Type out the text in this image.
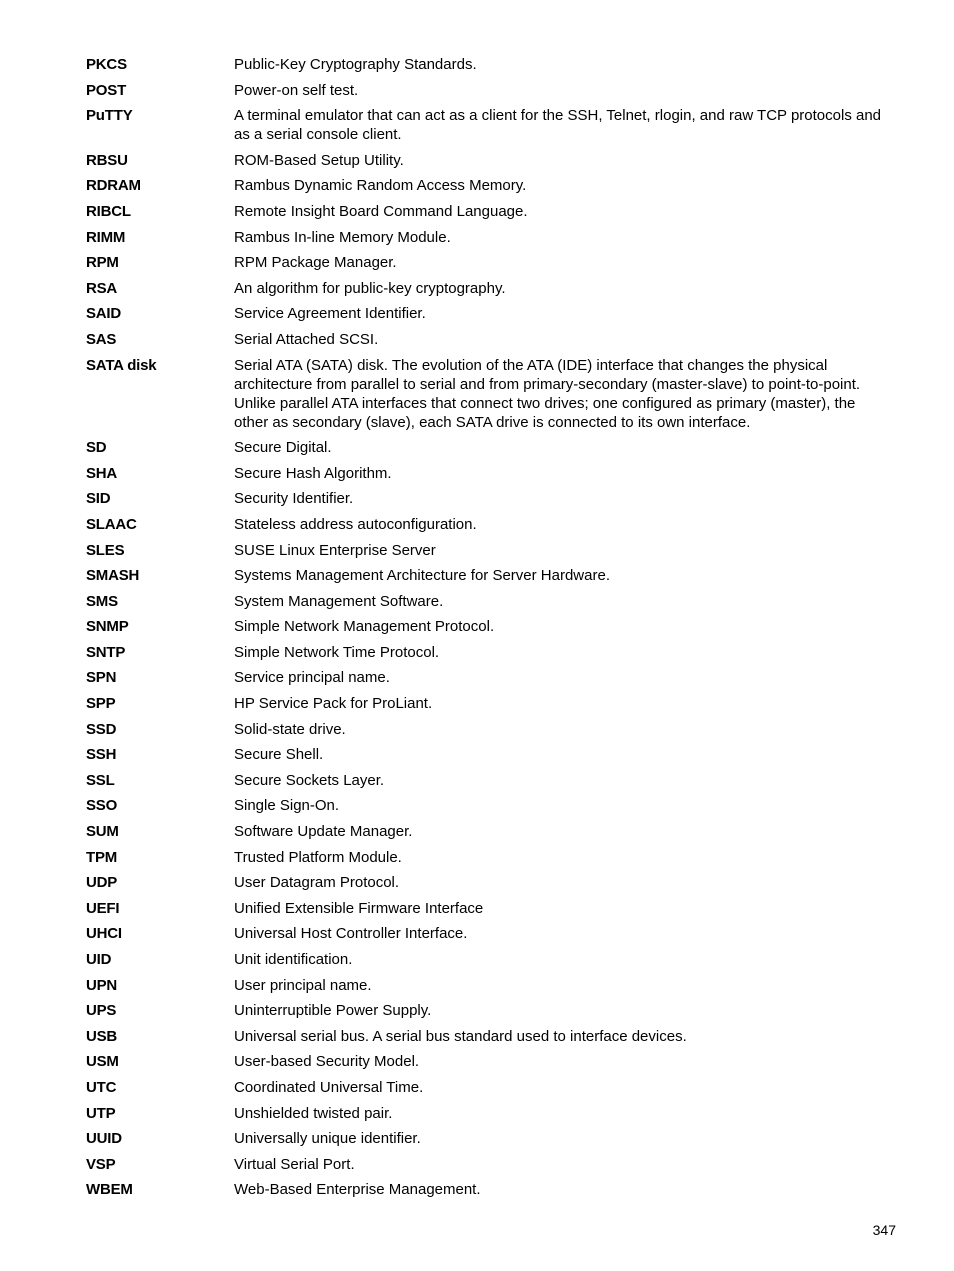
PKCS	Public-Key Cryptography Standards.
POST	Power-on self test.
PuTTY	A terminal emulator that can act as a client for the SSH, Telnet, rlogin, and raw TCP protocols and as a serial console client.
RBSU	ROM-Based Setup Utility.
RDRAM	Rambus Dynamic Random Access Memory.
RIBCL	Remote Insight Board Command Language.
RIMM	Rambus In-line Memory Module.
RPM	RPM Package Manager.
RSA	An algorithm for public-key cryptography.
SAID	Service Agreement Identifier.
SAS	Serial Attached SCSI.
SATA disk	Serial ATA (SATA) disk. The evolution of the ATA (IDE) interface that changes the physical architecture from parallel to serial and from primary-secondary (master-slave) to point-to-point. Unlike parallel ATA interfaces that connect two drives; one configured as primary (master), the other as secondary (slave), each SATA drive is connected to its own interface.
SD	Secure Digital.
SHA	Secure Hash Algorithm.
SID	Security Identifier.
SLAAC	Stateless address autoconfiguration.
SLES	SUSE Linux Enterprise Server
SMASH	Systems Management Architecture for Server Hardware.
SMS	System Management Software.
SNMP	Simple Network Management Protocol.
SNTP	Simple Network Time Protocol.
SPN	Service principal name.
SPP	HP Service Pack for ProLiant.
SSD	Solid-state drive.
SSH	Secure Shell.
SSL	Secure Sockets Layer.
SSO	Single Sign-On.
SUM	Software Update Manager.
TPM	Trusted Platform Module.
UDP	User Datagram Protocol.
UEFI	Unified Extensible Firmware Interface
UHCI	Universal Host Controller Interface.
UID	Unit identification.
UPN	User principal name.
UPS	Uninterruptible Power Supply.
USB	Universal serial bus. A serial bus standard used to interface devices.
USM	User-based Security Model.
UTC	Coordinated Universal Time.
UTP	Unshielded twisted pair.
UUID	Universally unique identifier.
VSP	Virtual Serial Port.
WBEM	Web-Based Enterprise Management.
347
